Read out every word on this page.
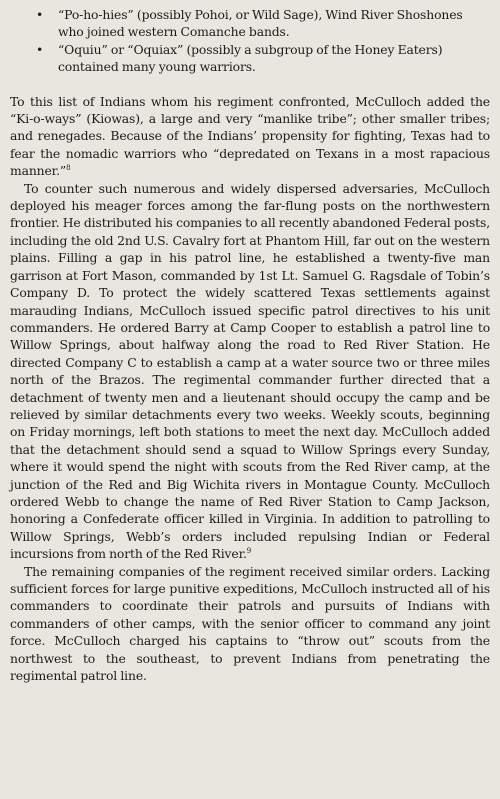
• “Po-ho-hies” (possibly Pohoi, or Wild Sage), Wind River Shoshones who joined western Comanche bands.
• “Oquiu” or “Oquiax” (possibly a subgroup of the Honey Eaters) contained many young warriors.

To this list of Indians whom his regiment confronted, McCulloch added the “Ki-o-ways” (Kiowas), a large and very “manlike tribe”; other smaller tribes; and renegades. Because of the Indians’ propensity for fighting, Texas had to fear the nomadic warriors who “depredated on Texans in a most rapacious manner.”$^8$

To counter such numerous and widely dispersed adversaries, McCulloch deployed his meager forces among the far-flung posts on the northwestern frontier. He distributed his companies to all recently abandoned Federal posts, including the old 2nd U.S. Cavalry fort at Phantom Hill, far out on the western plains. Filling a gap in his patrol line, he established a twenty-five man garrison at Fort Mason, commanded by 1st Lt. Samuel G. Ragsdale of Tobin’s Company D. To protect the widely scattered Texas settlements against marauding Indians, McCulloch issued specific patrol directives to his unit commanders. He ordered Barry at Camp Cooper to establish a patrol line to Willow Springs, about halfway along the road to Red River Station. He directed Company C to establish a camp at a water source two or three miles north of the Brazos. The regimental commander further directed that a detachment of twenty men and a lieutenant should occupy the camp and be relieved by similar detachments every two weeks. Weekly scouts, beginning on Friday mornings, left both stations to meet the next day. McCulloch added that the detachment should send a squad to Willow Springs every Sunday, where it would spend the night with scouts from the Red River camp, at the junction of the Red and Big Wichita rivers in Montague County. McCulloch ordered Webb to change the name of Red River Station to Camp Jackson, honoring a Confederate officer killed in Virginia. In addition to patrolling to Willow Springs, Webb’s orders included repulsing Indian or Federal incursions from north of the Red River.$^9$

The remaining companies of the regiment received similar orders. Lacking sufficient forces for large punitive expeditions, McCulloch instructed all of his commanders to coordinate their patrols and pursuits of Indians with commanders of other camps, with the senior officer to command any joint force. McCulloch charged his captains to “throw out” scouts from the northwest to the southeast, to prevent Indians from penetrating the regimental patrol line.
